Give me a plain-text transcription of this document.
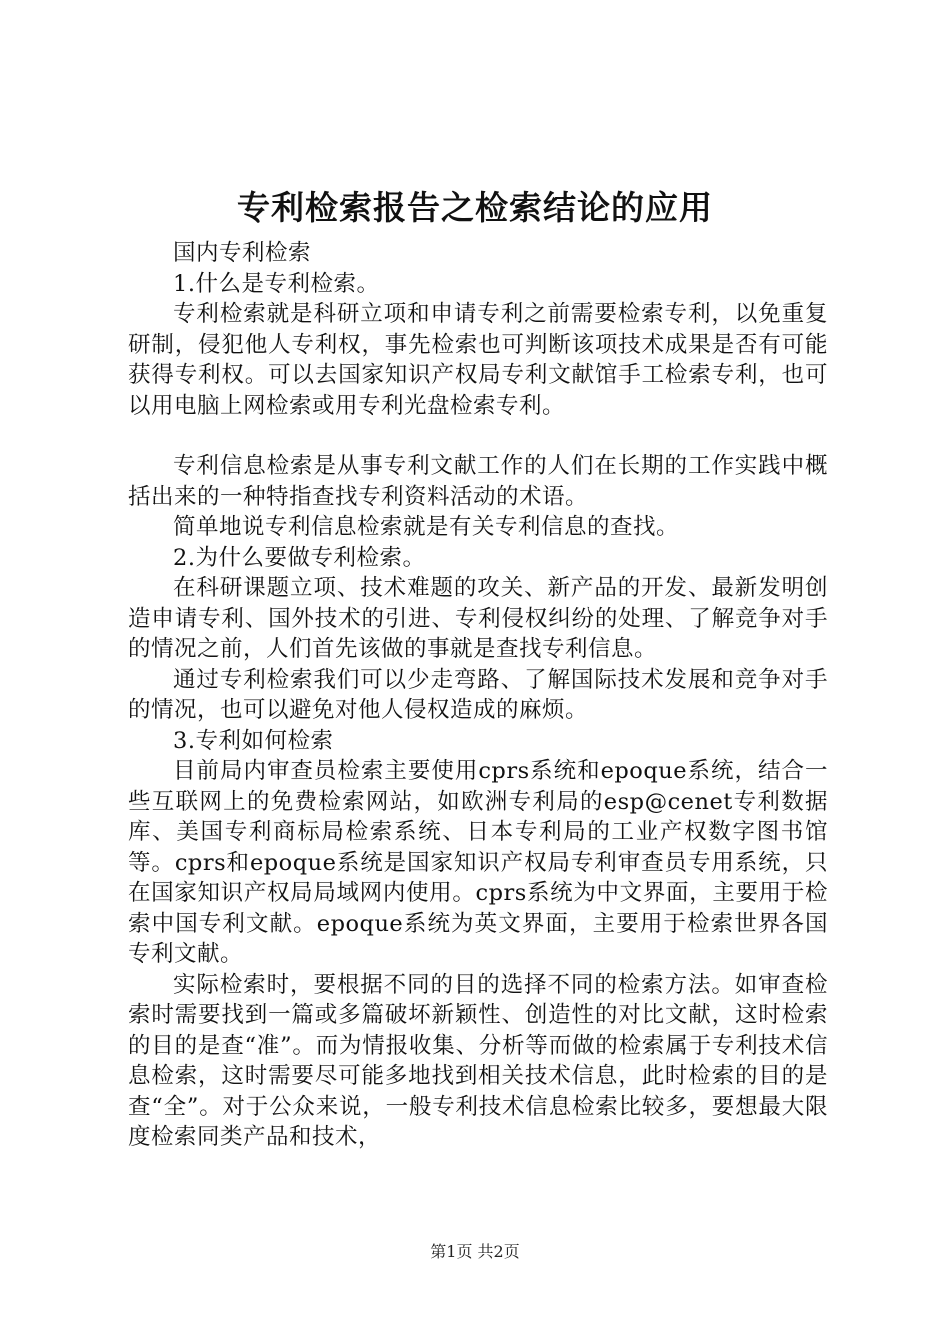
专利检索报告之检索结论的应用

国内专利检索

1.什么是专利检索。

专利检索就是科研立项和申请专利之前需要检索专利，以免重复研制，侵犯他人专利权，事先检索也可判断该项技术成果是否有可能获得专利权。可以去国家知识产权局专利文献馆手工检索专利，也可以用电脑上网检索或用专利光盘检索专利。

专利信息检索是从事专利文献工作的人们在长期的工作实践中概括出来的一种特指查找专利资料活动的术语。

简单地说专利信息检索就是有关专利信息的查找。

2.为什么要做专利检索。

在科研课题立项、技术难题的攻关、新产品的开发、最新发明创造申请专利、国外技术的引进、专利侵权纠纷的处理、了解竞争对手的情况之前，人们首先该做的事就是查找专利信息。

通过专利检索我们可以少走弯路、了解国际技术发展和竞争对手的情况，也可以避免对他人侵权造成的麻烦。

3.专利如何检索

目前局内审查员检索主要使用cprs系统和epoque系统，结合一些互联网上的免费检索网站，如欧洲专利局的esp@cenet专利数据库、美国专利商标局检索系统、日本专利局的工业产权数字图书馆等。cprs和epoque系统是国家知识产权局专利审查员专用系统，只在国家知识产权局局域网内使用。cprs系统为中文界面，主要用于检索中国专利文献。epoque系统为英文界面，主要用于检索世界各国专利文献。

实际检索时，要根据不同的目的选择不同的检索方法。如审查检索时需要找到一篇或多篇破坏新颖性、创造性的对比文献，这时检索的目的是查“准”。而为情报收集、分析等而做的检索属于专利技术信息检索，这时需要尽可能多地找到相关技术信息，此时检索的目的是查“全”。对于公众来说，一般专利技术信息检索比较多，要想最大限度检索同类产品和技术，

第1页 共2页
